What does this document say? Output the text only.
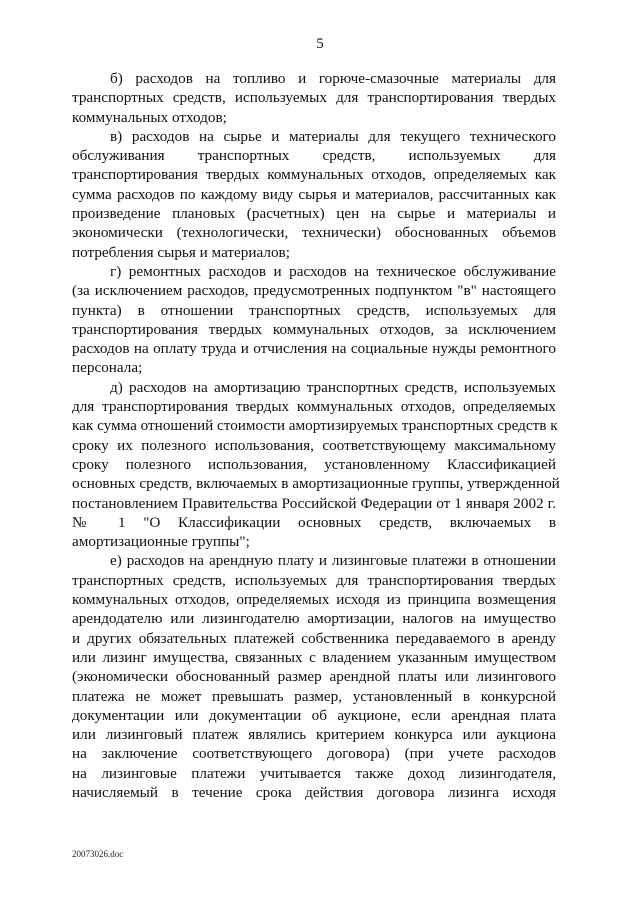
5
б) расходов на топливо и горюче-смазочные материалы для
транспортных средств, используемых для транспортирования твердых
коммунальных отходов;
в) расходов на сырье и материалы для текущего технического
обслуживания транспортных средств, используемых для
транспортирования твердых коммунальных отходов, определяемых как
сумма расходов по каждому виду сырья и материалов, рассчитанных как
произведение плановых (расчетных) цен на сырье и материалы и
экономически (технологически, технически) обоснованных объемов
потребления сырья и материалов;
г) ремонтных расходов и расходов на техническое обслуживание
(за исключением расходов, предусмотренных подпунктом "в" настоящего
пункта) в отношении транспортных средств, используемых для
транспортирования твердых коммунальных отходов, за исключением
расходов на оплату труда и отчисления на социальные нужды ремонтного
персонала;
д) расходов на амортизацию транспортных средств, используемых
для транспортирования твердых коммунальных отходов, определяемых
как сумма отношений стоимости амортизируемых транспортных средств к
сроку их полезного использования, соответствующему максимальному
сроку полезного использования, установленному Классификацией
основных средств, включаемых в амортизационные группы, утвержденной
постановлением Правительства Российской Федерации от 1 января 2002 г.
№ 1 "О Классификации основных средств, включаемых в
амортизационные группы";
е) расходов на арендную плату и лизинговые платежи в отношении
транспортных средств, используемых для транспортирования твердых
коммунальных отходов, определяемых исходя из принципа возмещения
арендодателю или лизингодателю амортизации, налогов на имущество
и других обязательных платежей собственника передаваемого в аренду
или лизинг имущества, связанных с владением указанным имуществом
(экономически обоснованный размер арендной платы или лизингового
платежа не может превышать размер, установленный в конкурсной
документации или документации об аукционе, если арендная плата
или лизинговый платеж являлись критерием конкурса или аукциона
на заключение соответствующего договора) (при учете расходов
на лизинговые платежи учитывается также доход лизингодателя,
начисляемый в течение срока действия договора лизинга исходя
20073026.doc
